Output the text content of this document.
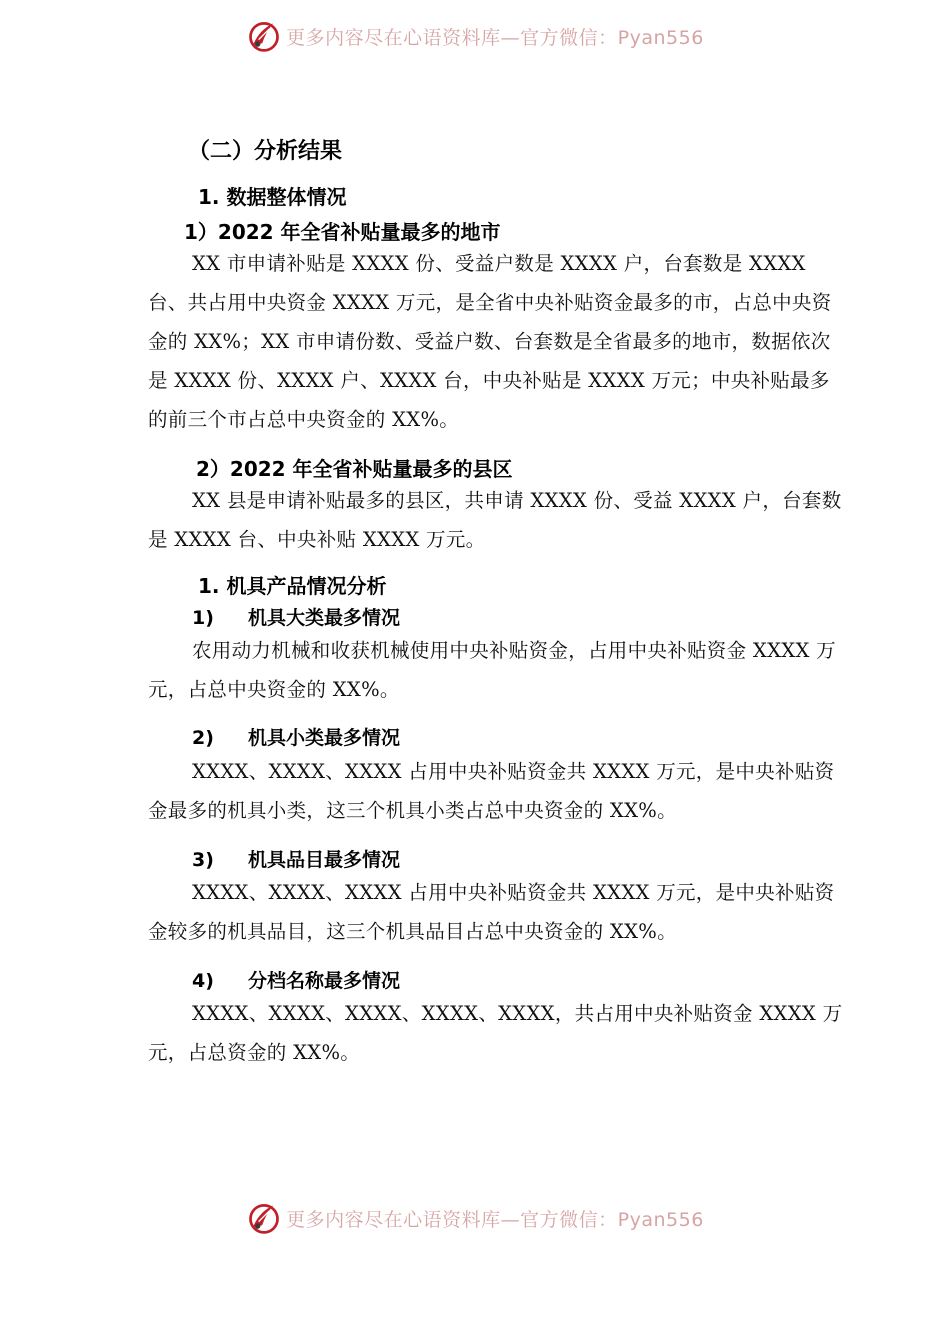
更多内容尽在心语资料库—官方微信：Pyan556
（二）分析结果
1. 数据整体情况
1）2022 年全省补贴量最多的地市
XX 市申请补贴是 XXXX 份、受益户数是 XXXX 户，台套数是 XXXX 台、共占用中央资金 XXXX 万元，是全省中央补贴资金最多的市，占总中央资金的 XX%；XX 市申请份数、受益户数、台套数是全省最多的地市，数据依次是 XXXX 份、XXXX 户、XXXX 台，中央补贴是 XXXX 万元；中央补贴最多的前三个市占总中央资金的 XX%。
2）2022 年全省补贴量最多的县区
XX 县是申请补贴最多的县区，共申请 XXXX 份、受益 XXXX 户，台套数是 XXXX 台、中央补贴 XXXX 万元。
1. 机具产品情况分析
1) 机具大类最多情况
农用动力机械和收获机械使用中央补贴资金，占用中央补贴资金 XXXX 万元，占总中央资金的 XX%。
2) 机具小类最多情况
XXXX、XXXX、XXXX 占用中央补贴资金共 XXXX 万元，是中央补贴资金最多的机具小类，这三个机具小类占总中央资金的 XX%。
3) 机具品目最多情况
XXXX、XXXX、XXXX 占用中央补贴资金共 XXXX 万元，是中央补贴资金较多的机具品目，这三个机具品目占总中央资金的 XX%。
4) 分档名称最多情况
XXXX、XXXX、XXXX、XXXX、XXXX，共占用中央补贴资金 XXXX 万元，占总资金的 XX%。
更多内容尽在心语资料库—官方微信：Pyan556
